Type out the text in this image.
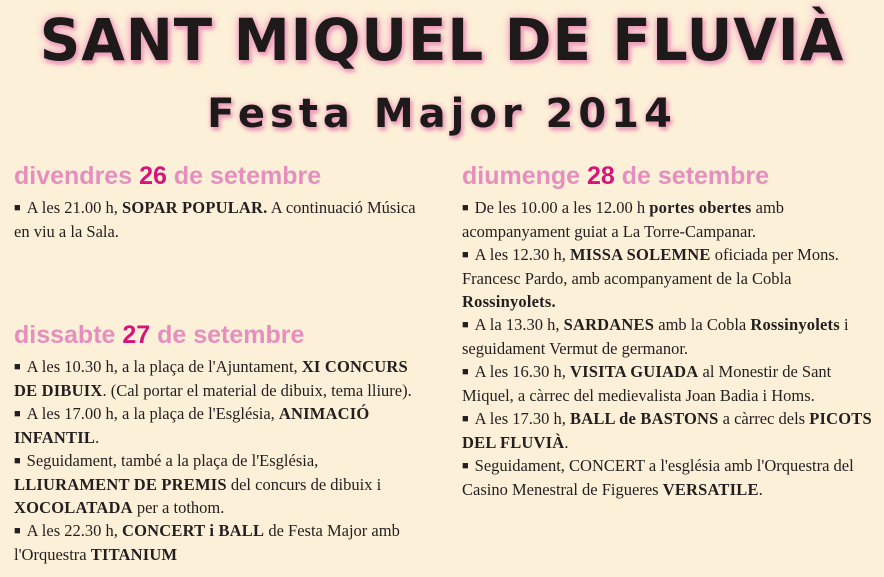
SANT MIQUEL DE FLUVIÀ
Festa Major 2014
divendres 26 de setembre
■ A les 21.00 h, SOPAR POPULAR. A continuació Música en viu a la Sala.
dissabte 27 de setembre
■ A les 10.30 h, a la plaça de l'Ajuntament, XI CONCURS DE DIBUIX. (Cal portar el material de dibuix, tema lliure).
■ A les 17.00 h, a la plaça de l'Església, ANIMACIÓ INFANTIL.
■ Seguidament, també a la plaça de l'Església, LLIURAMENT DE PREMIS del concurs de dibuix i XOCOLATADA per a tothom.
■ A les 22.30 h, CONCERT i BALL de Festa Major amb l'Orquestra TITANIUM
diumenge 28 de setembre
■ De les 10.00 a les 12.00 h portes obertes amb acompanyament guiat a La Torre-Campanar.
■ A les 12.30 h, MISSA SOLEMNE oficiada per Mons. Francesc Pardo, amb acompanyament de la Cobla Rossinyolets.
■ A la 13.30 h, SARDANES amb la Cobla Rossinyolets i seguidament Vermut de germanor.
■ A les 16.30 h, VISITA GUIADA al Monestir de Sant Miquel, a càrrec del medievalista Joan Badia i Homs.
■ A les 17.30 h, BALL de BASTONS a càrrec dels PICOTS DEL FLUVIÀ.
■ Seguidament, CONCERT a l'església amb l'Orquestra del Casino Menestral de Figueres VERSATILE.
